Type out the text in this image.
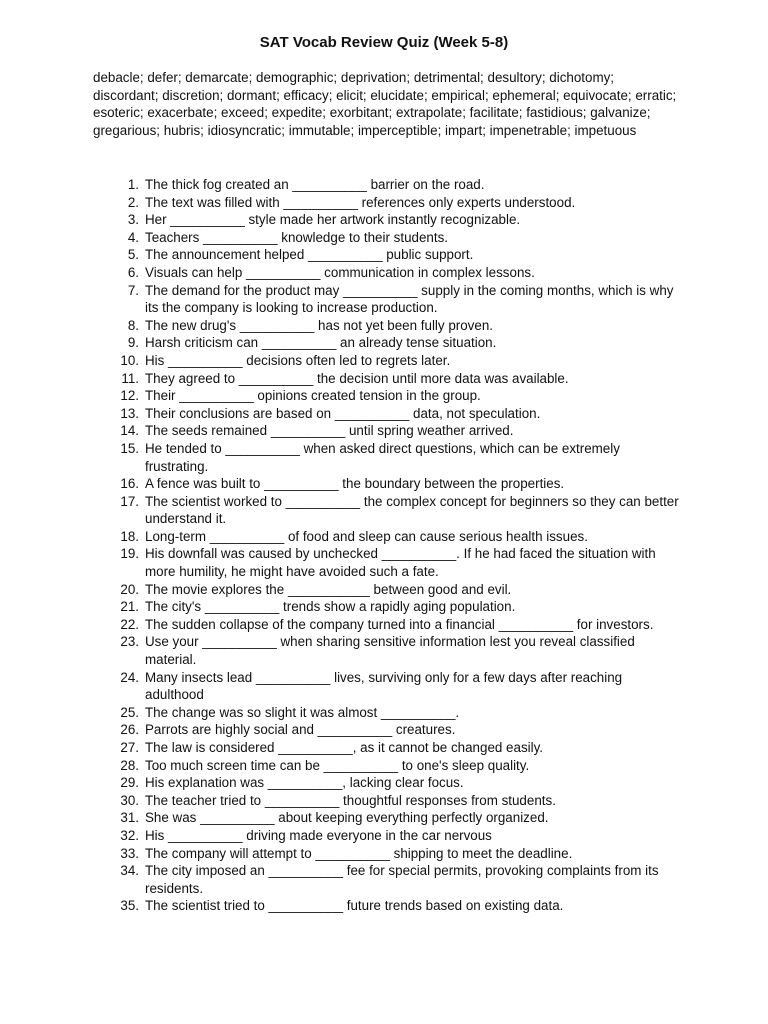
SAT Vocab Review Quiz (Week 5-8)
debacle; defer; demarcate; demographic; deprivation; detrimental; desultory; dichotomy; discordant; discretion; dormant; efficacy; elicit; elucidate; empirical; ephemeral; equivocate; erratic; esoteric; exacerbate; exceed; expedite; exorbitant; extrapolate; facilitate; fastidious; galvanize; gregarious; hubris; idiosyncratic; immutable; imperceptible; impart; impenetrable; impetuous
1. The thick fog created an __________ barrier on the road.
2. The text was filled with __________ references only experts understood.
3. Her __________ style made her artwork instantly recognizable.
4. Teachers __________ knowledge to their students.
5. The announcement helped __________ public support.
6. Visuals can help __________ communication in complex lessons.
7. The demand for the product may __________ supply in the coming months, which is why its the company is looking to increase production.
8. The new drug's __________ has not yet been fully proven.
9. Harsh criticism can __________ an already tense situation.
10. His __________ decisions often led to regrets later.
11. They agreed to __________ the decision until more data was available.
12. Their __________ opinions created tension in the group.
13. Their conclusions are based on __________ data, not speculation.
14. The seeds remained __________ until spring weather arrived.
15. He tended to __________ when asked direct questions, which can be extremely frustrating.
16. A fence was built to __________ the boundary between the properties.
17. The scientist worked to __________ the complex concept for beginners so they can better understand it.
18. Long-term __________ of food and sleep can cause serious health issues.
19. His downfall was caused by unchecked __________. If he had faced the situation with more humility, he might have avoided such a fate.
20. The movie explores the ___________ between good and evil.
21. The city's __________ trends show a rapidly aging population.
22. The sudden collapse of the company turned into a financial __________ for investors.
23. Use your __________ when sharing sensitive information lest you reveal classified material.
24. Many insects lead __________ lives, surviving only for a few days after reaching adulthood
25. The change was so slight it was almost __________.
26. Parrots are highly social and __________ creatures.
27. The law is considered __________, as it cannot be changed easily.
28. Too much screen time can be __________ to one's sleep quality.
29. His explanation was __________, lacking clear focus.
30. The teacher tried to __________ thoughtful responses from students.
31. She was __________ about keeping everything perfectly organized.
32. His __________ driving made everyone in the car nervous
33. The company will attempt to __________ shipping to meet the deadline.
34. The city imposed an __________ fee for special permits, provoking complaints from its residents.
35. The scientist tried to __________ future trends based on existing data.
